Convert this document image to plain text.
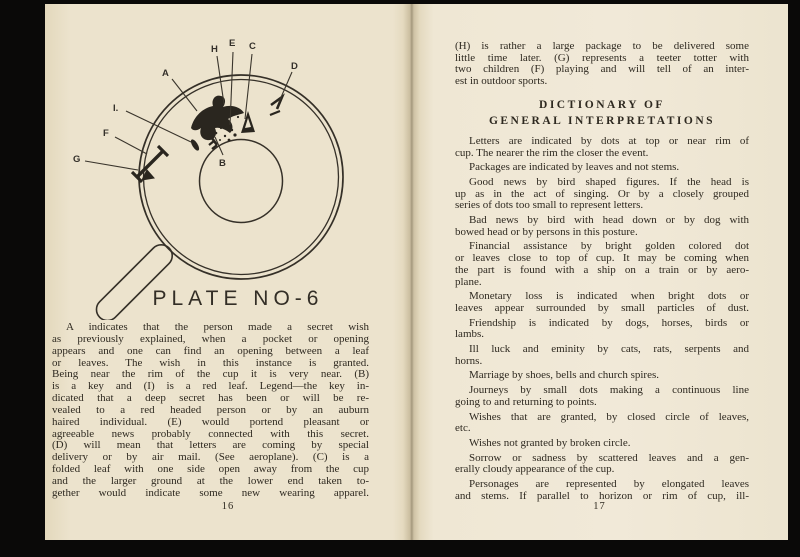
A
H
E C
D
I.
F
G	B
PLATE NO-6
A indicates that the person made a secret wish
as previously explained, when a pocket or opening
appears and one can find an opening between a leaf
or leaves. The wish in this instance is granted.
Being near the rim of the cup it is very near. (B)
is a key and (I) is a red leaf. Legend—the key in-
dicated that a deep secret has been or will be re-
vealed to a red headed person or by an auburn
haired individual. (E) would portend pleasant or
agreeable news probably connected with this secret.
(D) will mean that letters are coming by special
delivery or by air mail. (See aeroplane). (C) is a
folded leaf with one side open away from the cup
and the larger ground at the lower end taken to-
gether would indicate some new wearing apparel.
16
(H) is rather a large package to be delivered some
little time later. (G) represents a teeter totter with
two children (F) playing and will tell of an inter-
est in outdoor sports.
DICTIONARY OF
GENERAL INTERPRETATIONS
Letters are indicated by dots at top or near rim of
cup. The nearer the rim the closer the event.
Packages are indicated by leaves and not stems.
Good news by bird shaped figures. If the head is
up as in the act of singing. Or by a closely grouped
series of dots too small to represent letters.
Bad news by bird with head down or by dog with
bowed head or by persons in this posture.
Financial assistance by bright golden colored dot
or leaves close to top of cup. It may be coming when
the part is found with a ship on a train or by aero-
plane.
Monetary loss is indicated when bright dots or
leaves appear surrounded by small particles of dust.
Friendship is indicated by dogs, horses, birds or
lambs.
Ill luck and eminity by cats, rats, serpents and
horns.
Marriage by shoes, bells and church spires.
Journeys by small dots making a continuous line
going to and returning to points.
Wishes that are granted, by closed circle of leaves,
etc.
Wishes not granted by broken circle.
Sorrow or sadness by scattered leaves and a gen-
erally cloudy appearance of the cup.
Personages are represented by elongated leaves
and stems. If parallel to horizon or rim of cup, ill-
17
